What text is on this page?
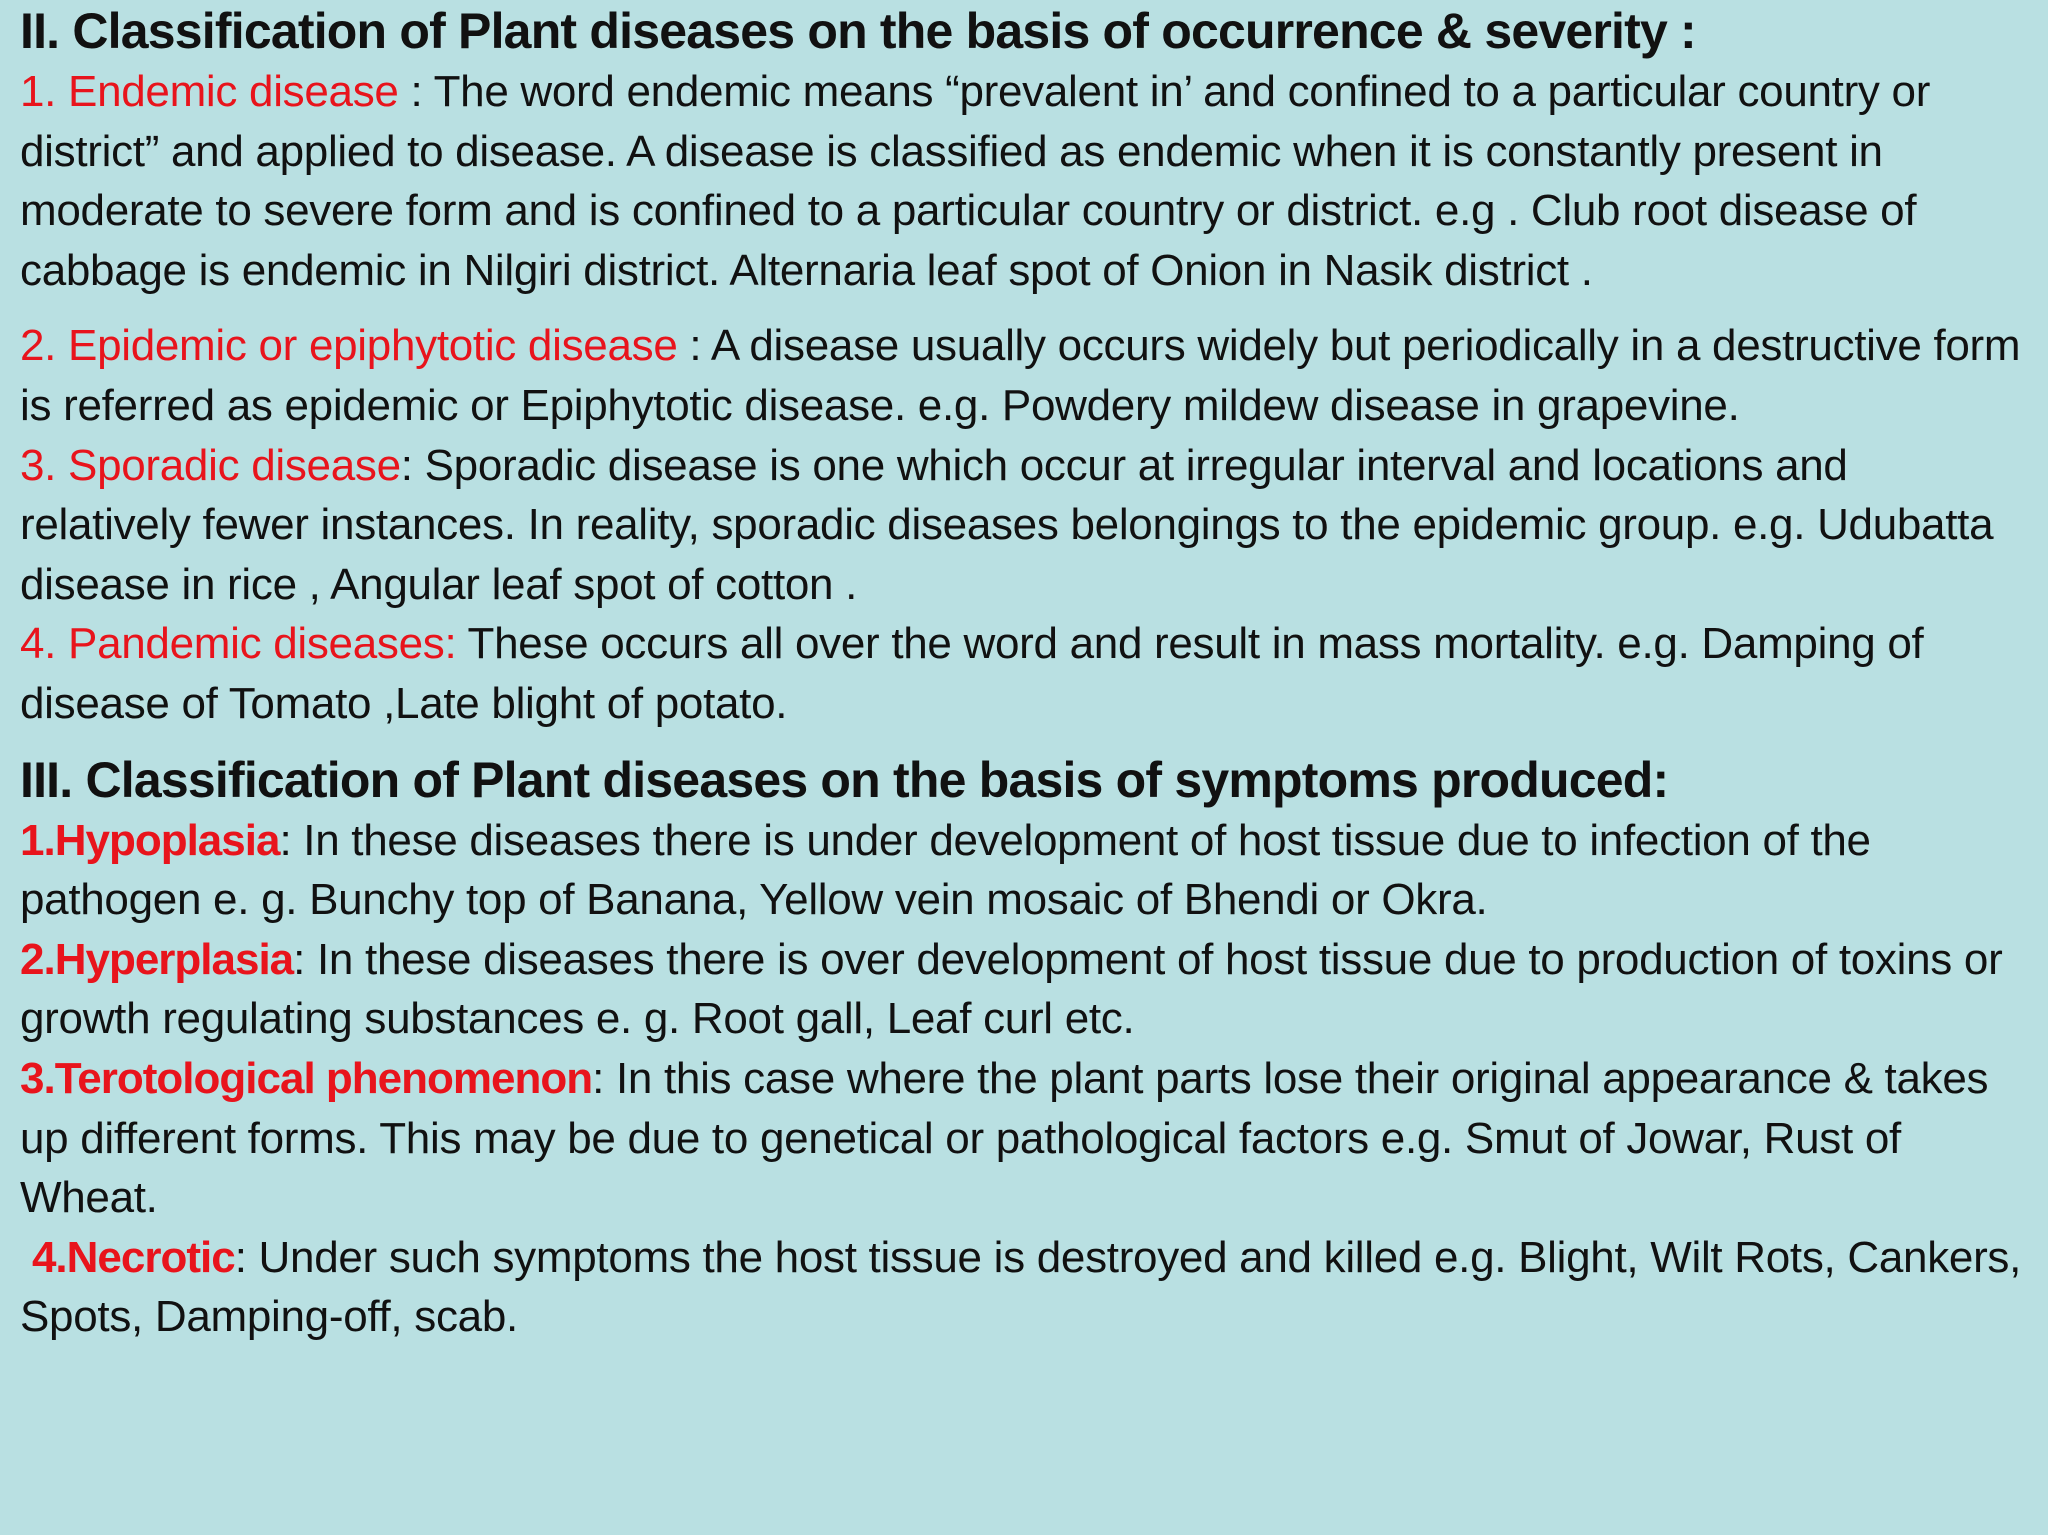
II. Classification of Plant diseases on the basis of occurrence & severity :

1. Endemic disease : The word endemic means “prevalent in’ and confined to a particular country or district” and applied to disease. A disease is classified as endemic when it is constantly present in moderate to severe form and is confined to a particular country or district. e.g . Club root disease of cabbage is endemic in Nilgiri district. Alternaria leaf spot of Onion in Nasik district .

2. Epidemic or epiphytotic disease : A disease usually occurs widely but periodically in a destructive form is referred as epidemic or Epiphytotic disease. e.g. Powdery mildew disease in grapevine.

3. Sporadic disease: Sporadic disease is one which occur at irregular interval and locations and relatively fewer instances. In reality, sporadic diseases belongings to the epidemic group. e.g. Udubatta disease in rice , Angular leaf spot of cotton .

4. Pandemic diseases: These occurs all over the word and result in mass mortality. e.g. Damping of disease of Tomato ,Late blight of potato.

III. Classification of Plant diseases on the basis of symptoms produced:

1.Hypoplasia: In these diseases there is under development of host tissue due to infection of the pathogen e. g. Bunchy top of Banana, Yellow vein mosaic of Bhendi or Okra.

2.Hyperplasia: In these diseases there is over development of host tissue due to production of toxins or growth regulating substances e. g. Root gall, Leaf curl etc.

3.Terotological phenomenon: In this case where the plant parts lose their original appearance & takes up different forms. This may be due to genetical or pathological factors e.g. Smut of Jowar, Rust of Wheat.

4.Necrotic: Under such symptoms the host tissue is destroyed and killed e.g. Blight, Wilt Rots, Cankers, Spots, Damping-off, scab.
